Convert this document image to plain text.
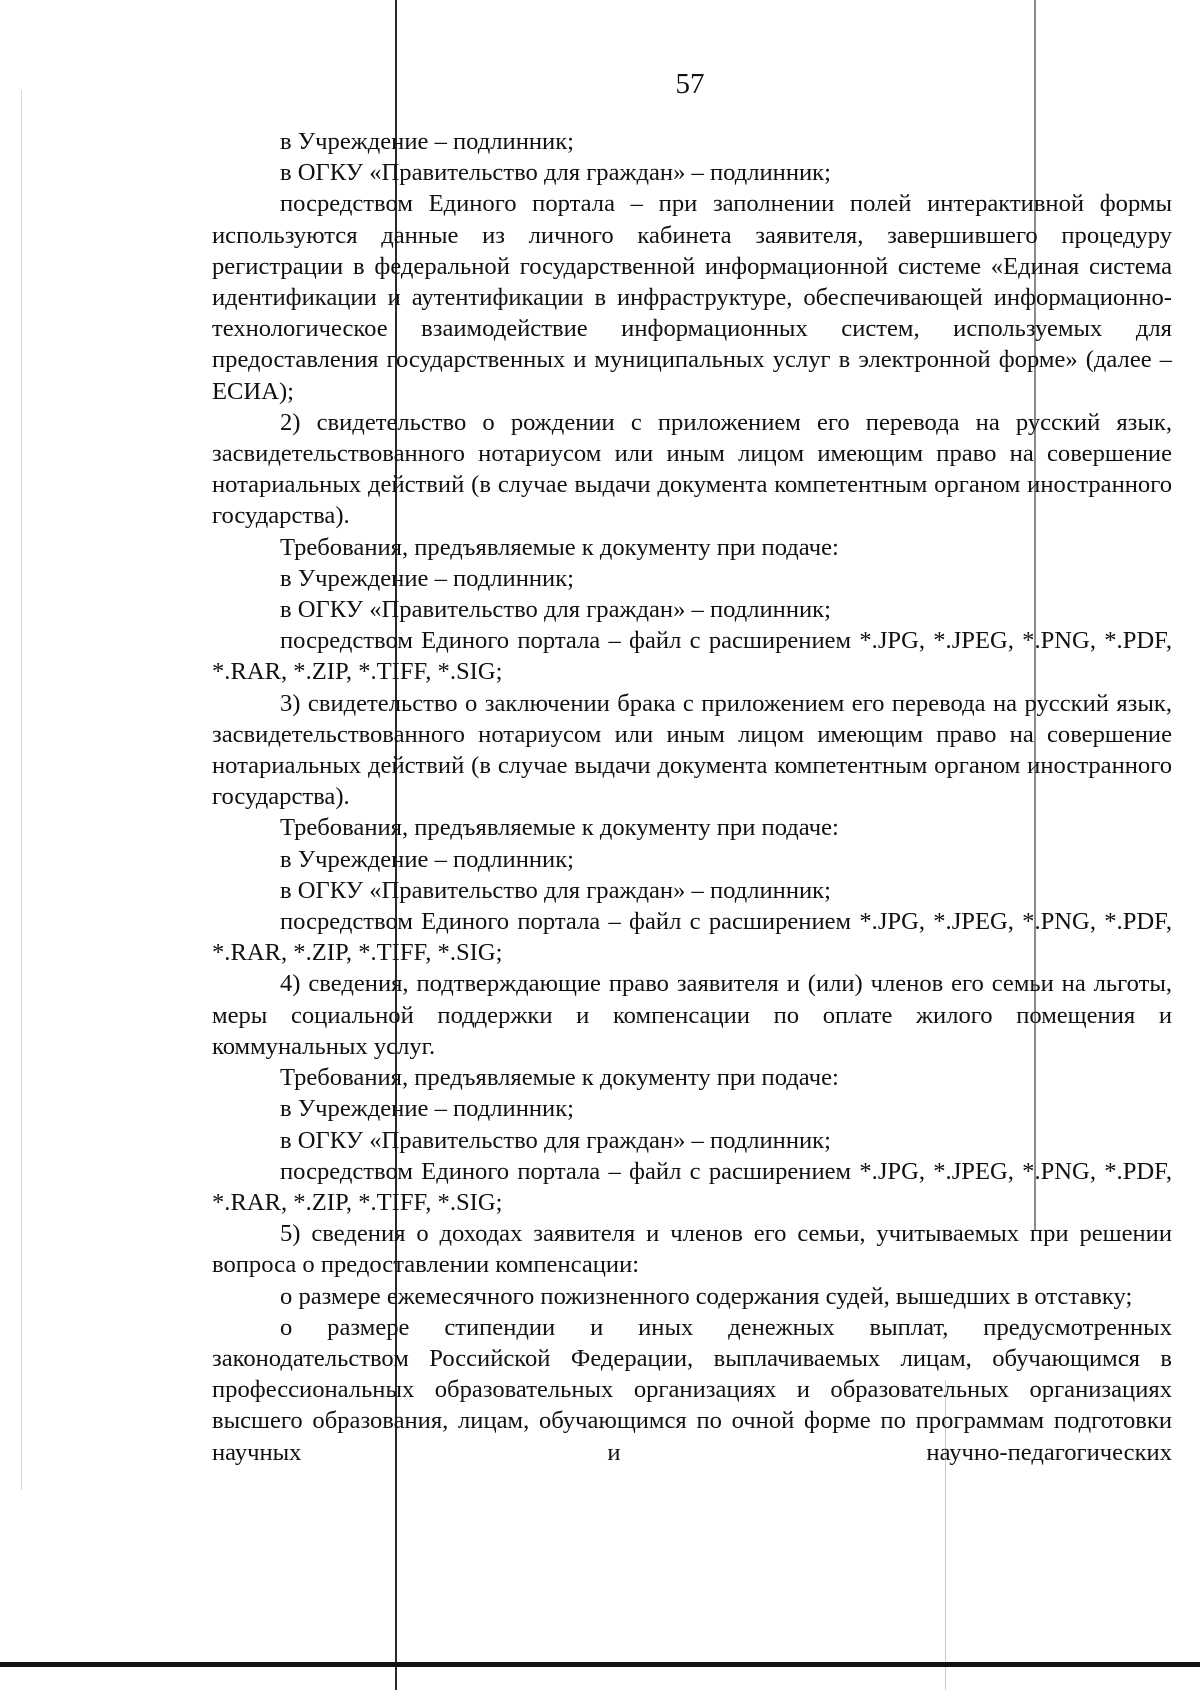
57

в Учреждение – подлинник;

в ОГКУ «Правительство для граждан» – подлинник;

посредством Единого портала – при заполнении полей интерактивной формы используются данные из личного кабинета заявителя, завершившего процедуру регистрации в федеральной государственной информационной системе «Единая система идентификации и аутентификации в инфраструктуре, обеспечивающей информационно-технологическое взаимодействие информационных систем, используемых для предоставления государственных и муниципальных услуг в электронной форме» (далее – ЕСИА);

2) свидетельство о рождении с приложением его перевода на русский язык, засвидетельствованного нотариусом или иным лицом имеющим право на совершение нотариальных действий (в случае выдачи документа компетентным органом иностранного государства).

Требования, предъявляемые к документу при подаче:

в Учреждение – подлинник;

в ОГКУ «Правительство для граждан» – подлинник;

посредством Единого портала – файл с расширением *.JPG, *.JPEG, *.PNG, *.PDF, *.RAR, *.ZIP, *.TIFF, *.SIG;

3) свидетельство о заключении брака с приложением его перевода на русский язык, засвидетельствованного нотариусом или иным лицом имеющим право на совершение нотариальных действий (в случае выдачи документа компетентным органом иностранного государства).

Требования, предъявляемые к документу при подаче:

в Учреждение – подлинник;

в ОГКУ «Правительство для граждан» – подлинник;

посредством Единого портала – файл с расширением *.JPG, *.JPEG, *.PNG, *.PDF, *.RAR, *.ZIP, *.TIFF, *.SIG;

4) сведения, подтверждающие право заявителя и (или) членов его семьи на льготы, меры социальной поддержки и компенсации по оплате жилого помещения и коммунальных услуг.

Требования, предъявляемые к документу при подаче:

в Учреждение – подлинник;

в ОГКУ «Правительство для граждан» – подлинник;

посредством Единого портала – файл с расширением *.JPG, *.JPEG, *.PNG, *.PDF, *.RAR, *.ZIP, *.TIFF, *.SIG;

5) сведения о доходах заявителя и членов его семьи, учитываемых при решении вопроса о предоставлении компенсации:

о размере ежемесячного пожизненного содержания судей, вышедших в отставку;

о размере стипендии и иных денежных выплат, предусмотренных законодательством Российской Федерации, выплачиваемых лицам, обучающимся в профессиональных образовательных организациях и образовательных организациях высшего образования, лицам, обучающимся по очной форме по программам подготовки научных и научно-педагогических
